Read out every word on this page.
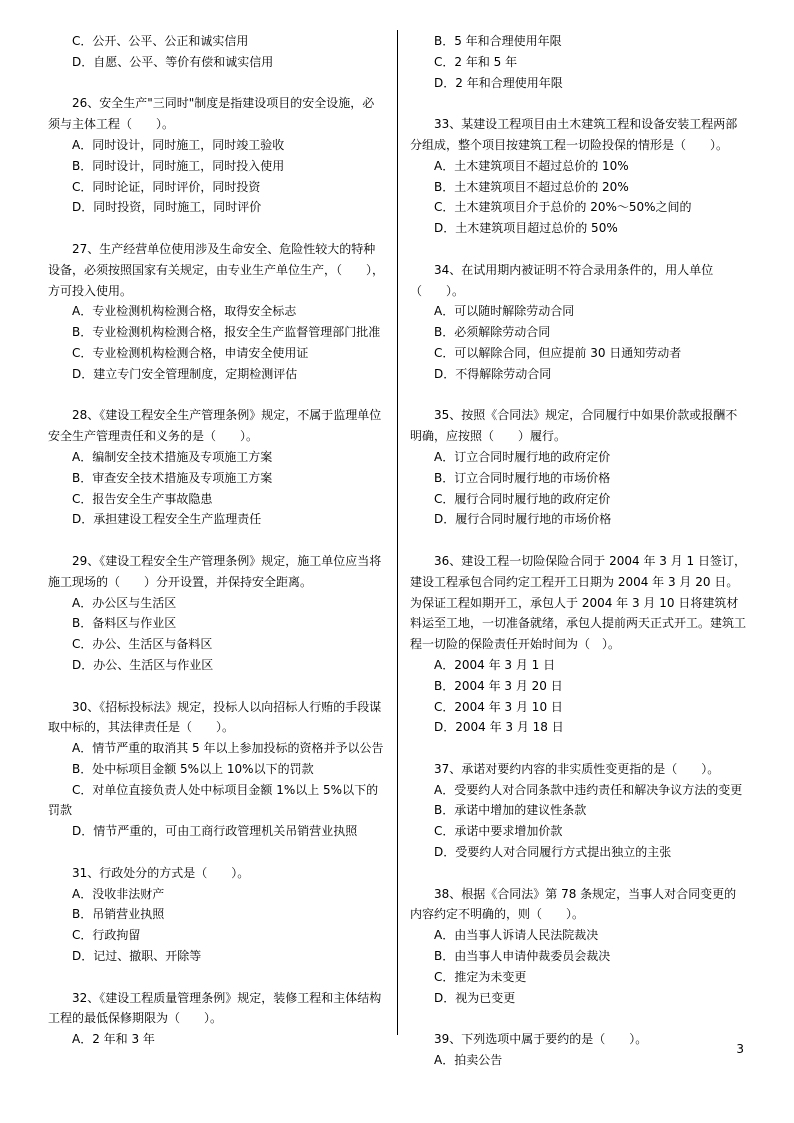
C．公开、公平、公正和诚实信用

D．自愿、公平、等价有偿和诚实信用

26、安全生产"三同时"制度是指建设项目的安全设施，必须与主体工程（　　）。

A．同时设计，同时施工，同时竣工验收

B．同时设计，同时施工，同时投入使用

C．同时论证，同时评价，同时投资

D．同时投资，同时施工，同时评价

27、生产经营单位使用涉及生命安全、危险性较大的特种设备，必须按照国家有关规定，由专业生产单位生产，（　　），方可投入使用。

A．专业检测机构检测合格，取得安全标志

B．专业检测机构检测合格，报安全生产监督管理部门批准

C．专业检测机构检测合格，申请安全使用证

D．建立专门安全管理制度，定期检测评估

28、《建设工程安全生产管理条例》规定，不属于监理单位安全生产管理责任和义务的是（　　）。

A．编制安全技术措施及专项施工方案

B．审查安全技术措施及专项施工方案

C．报告安全生产事故隐患

D．承担建设工程安全生产监理责任

29、《建设工程安全生产管理条例》规定，施工单位应当将施工现场的（　　）分开设置，并保持安全距离。

A．办公区与生活区

B．备料区与作业区

C．办公、生活区与备料区

D．办公、生活区与作业区

30、《招标投标法》规定，投标人以向招标人行贿的手段谋取中标的，其法律责任是（　　）。

A．情节严重的取消其 5 年以上参加投标的资格并予以公告

B．处中标项目金额 5%以上 10%以下的罚款

C．对单位直接负责人处中标项目金额 1%以上 5%以下的罚款

D．情节严重的，可由工商行政管理机关吊销营业执照

31、行政处分的方式是（　　）。

A．没收非法财产

B．吊销营业执照

C．行政拘留

D．记过、撤职、开除等

32、《建设工程质量管理条例》规定，装修工程和主体结构工程的最低保修期限为（　　）。

A．2 年和 3 年

B．5 年和合理使用年限

C．2 年和 5 年

D．2 年和合理使用年限

33、某建设工程项目由土木建筑工程和设备安装工程两部分组成，整个项目按建筑工程一切险投保的情形是（　　）。

A．土木建筑项目不超过总价的 10%

B．土木建筑项目不超过总价的 20%

C．土木建筑项目介于总价的 20%～50%之间的

D．土木建筑项目超过总价的 50%

34、在试用期内被证明不符合录用条件的，用人单位（　　）。

A．可以随时解除劳动合同

B．必须解除劳动合同

C．可以解除合同，但应提前 30 日通知劳动者

D．不得解除劳动合同

35、按照《合同法》规定，合同履行中如果价款或报酬不明确，应按照（　　）履行。

A．订立合同时履行地的政府定价

B．订立合同时履行地的市场价格

C．履行合同时履行地的政府定价

D．履行合同时履行地的市场价格

36、建设工程一切险保险合同于 2004 年 3 月 1 日签订，建设工程承包合同约定工程开工日期为 2004 年 3 月 20 日。为保证工程如期开工，承包人于 2004 年 3 月 10 日将建筑材料运至工地，一切准备就绪，承包人提前两天正式开工。建筑工程一切险的保险责任开始时间为（　）。

A．2004 年 3 月 1 日

B．2004 年 3 月 20 日

C．2004 年 3 月 10 日

D．2004 年 3 月 18 日

37、承诺对要约内容的非实质性变更指的是（　　）。

A．受要约人对合同条款中违约责任和解决争议方法的变更

B．承诺中增加的建议性条款

C．承诺中要求增加价款

D．受要约人对合同履行方式提出独立的主张

38、根据《合同法》第 78 条规定，当事人对合同变更的内容约定不明确的，则（　　）。

A．由当事人诉请人民法院裁决

B．由当事人申请仲裁委员会裁决

C．推定为未变更

D．视为已变更

39、下列选项中属于要约的是（　　）。

A．拍卖公告

3
